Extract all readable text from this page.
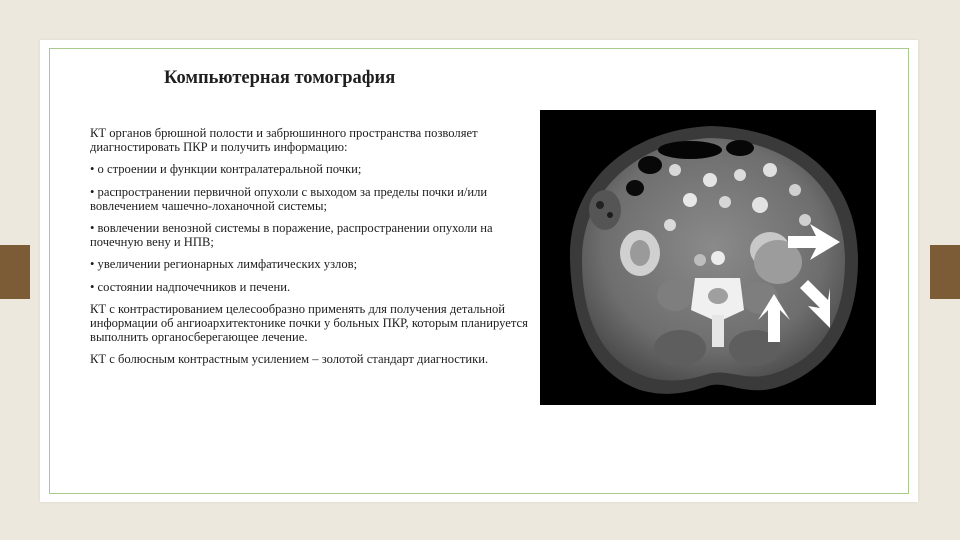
Компьютерная томография

КТ органов брюшной полости и забрюшинного пространства позволяет диагностировать ПКР и получить информацию:

• о строении и функции контралатеральной почки;

• распространении первичной опухоли с выходом за пределы почки и/или вовлечением чашечно-лоханочной системы;

• вовлечении венозной системы в поражение, распространении опухоли на почечную вену и НПВ;

• увеличении регионарных лимфатических узлов;

• состоянии надпочечников и печени.

КТ с контрастированием целесообразно применять для получения детальной информации об ангиоархитектонике почки у больных ПКР, которым планируется выполнить органосберегающее лечение.

КТ с болюсным контрастным усилением – золотой стандарт диагностики.
